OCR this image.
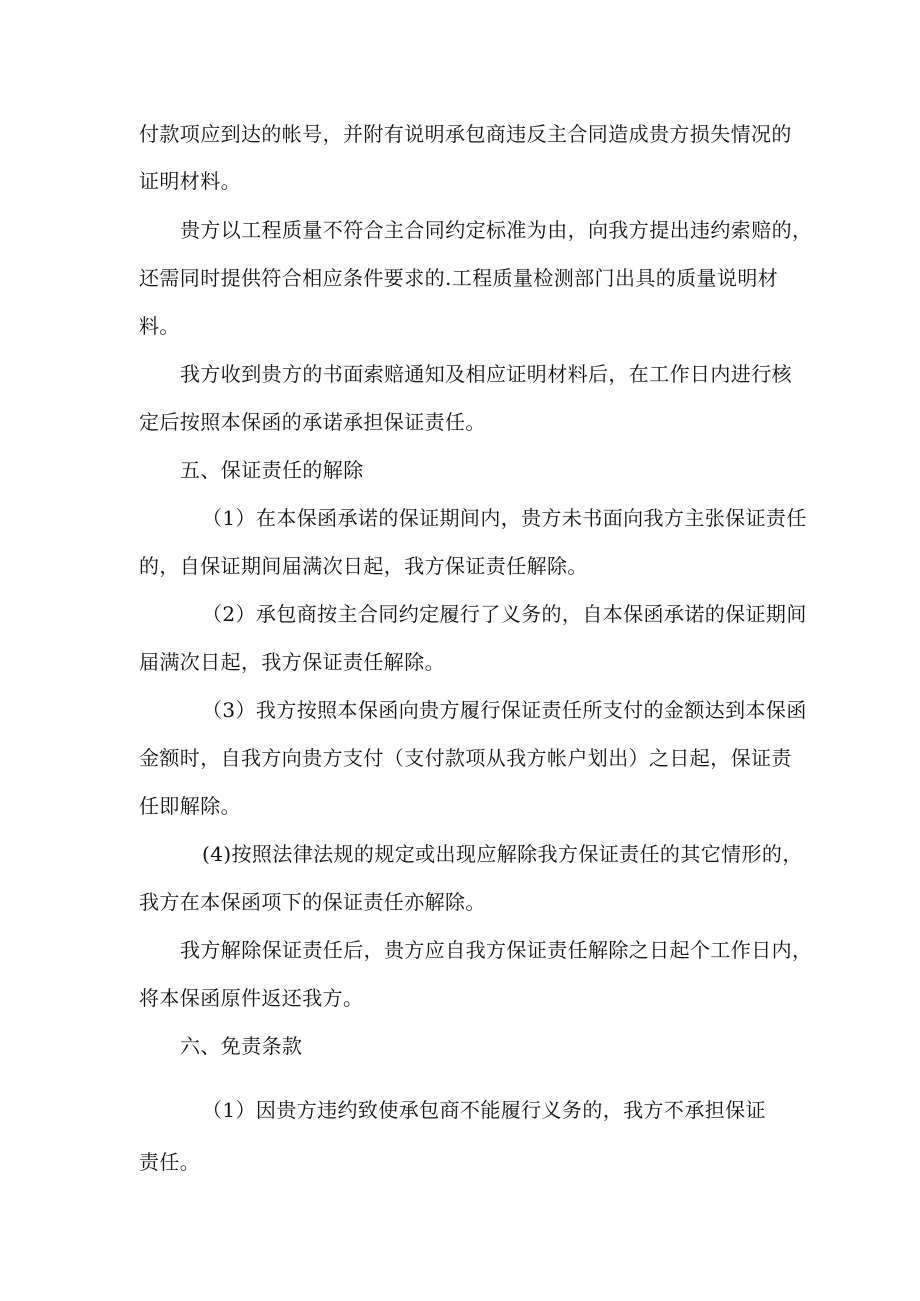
付款项应到达的帐号，并附有说明承包商违反主合同造成贵方损失情况的
证明材料。
贵方以工程质量不符合主合同约定标准为由，向我方提出违约索赔的，
还需同时提供符合相应条件要求的.工程质量检测部门出具的质量说明材
料。
我方收到贵方的书面索赔通知及相应证明材料后，在工作日内进行核
定后按照本保函的承诺承担保证责任。
五、保证责任的解除
（1）在本保函承诺的保证期间内，贵方未书面向我方主张保证责任
的，自保证期间届满次日起，我方保证责任解除。
（2）承包商按主合同约定履行了义务的，自本保函承诺的保证期间
届满次日起，我方保证责任解除。
（3）我方按照本保函向贵方履行保证责任所支付的金额达到本保函
金额时，自我方向贵方支付（支付款项从我方帐户划出）之日起，保证责
任即解除。
(4)按照法律法规的规定或出现应解除我方保证责任的其它情形的，
我方在本保函项下的保证责任亦解除。
我方解除保证责任后，贵方应自我方保证责任解除之日起个工作日内，
将本保函原件返还我方。
六、免责条款
（1）因贵方违约致使承包商不能履行义务的，我方不承担保证
责任。
